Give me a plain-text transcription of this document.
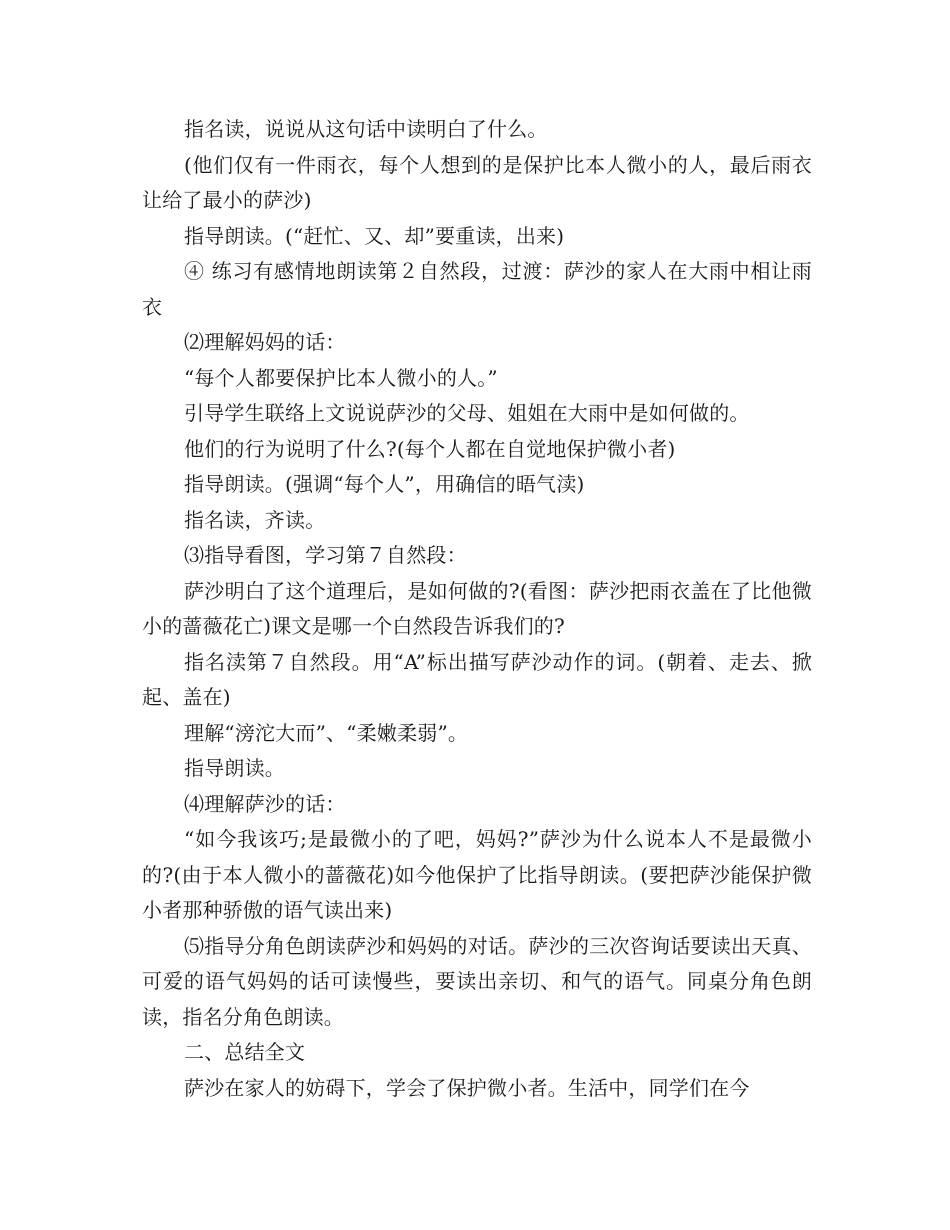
指名读，说说从这句话中读明白了什么。

(他们仅有一件雨衣，每个人想到的是保护比本人微小的人，最后雨衣让给了最小的萨沙)

指导朗读。(“赶忙、又、却”要重读，出来)

④ 练习有感情地朗读第２自然段，过渡：萨沙的家人在大雨中相让雨衣

⑵理解妈妈的话：

“每个人都要保护比本人微小的人。”

引导学生联络上文说说萨沙的父母、姐姐在大雨中是如何做的。

他们的行为说明了什么?(每个人都在自觉地保护微小者)

指导朗读。(强调“每个人”，用确信的晤气渎)

指名读，齐读。

⑶指导看图，学习第７自然段：

萨沙明白了这个道理后，是如何做的?(看图：萨沙把雨衣盖在了比他微小的蔷薇花亡)课文是哪一个白然段告诉我们的?

指名渎第７自然段。用“A”标出描写萨沙动作的词。(朝着、走去、掀起、盖在)

理解“滂沱大而”、“柔嫩柔弱”。

指导朗读。

⑷理解萨沙的话：

“如今我该巧;是最微小的了吧，妈妈?”萨沙为什么说本人不是最微小的?(由于本人微小的蔷薇花)如今他保护了比指导朗读。(要把萨沙能保护微小者那种骄傲的语气读出来)

⑸指导分角色朗读萨沙和妈妈的对话。萨沙的三次咨询话要读出天真、可爱的语气妈妈的话可读慢些，要读出亲切、和气的语气。同桌分角色朗读，指名分角色朗读。

二、总结全文

萨沙在家人的妨碍下，学会了保护微小者。生活中，同学们在今
